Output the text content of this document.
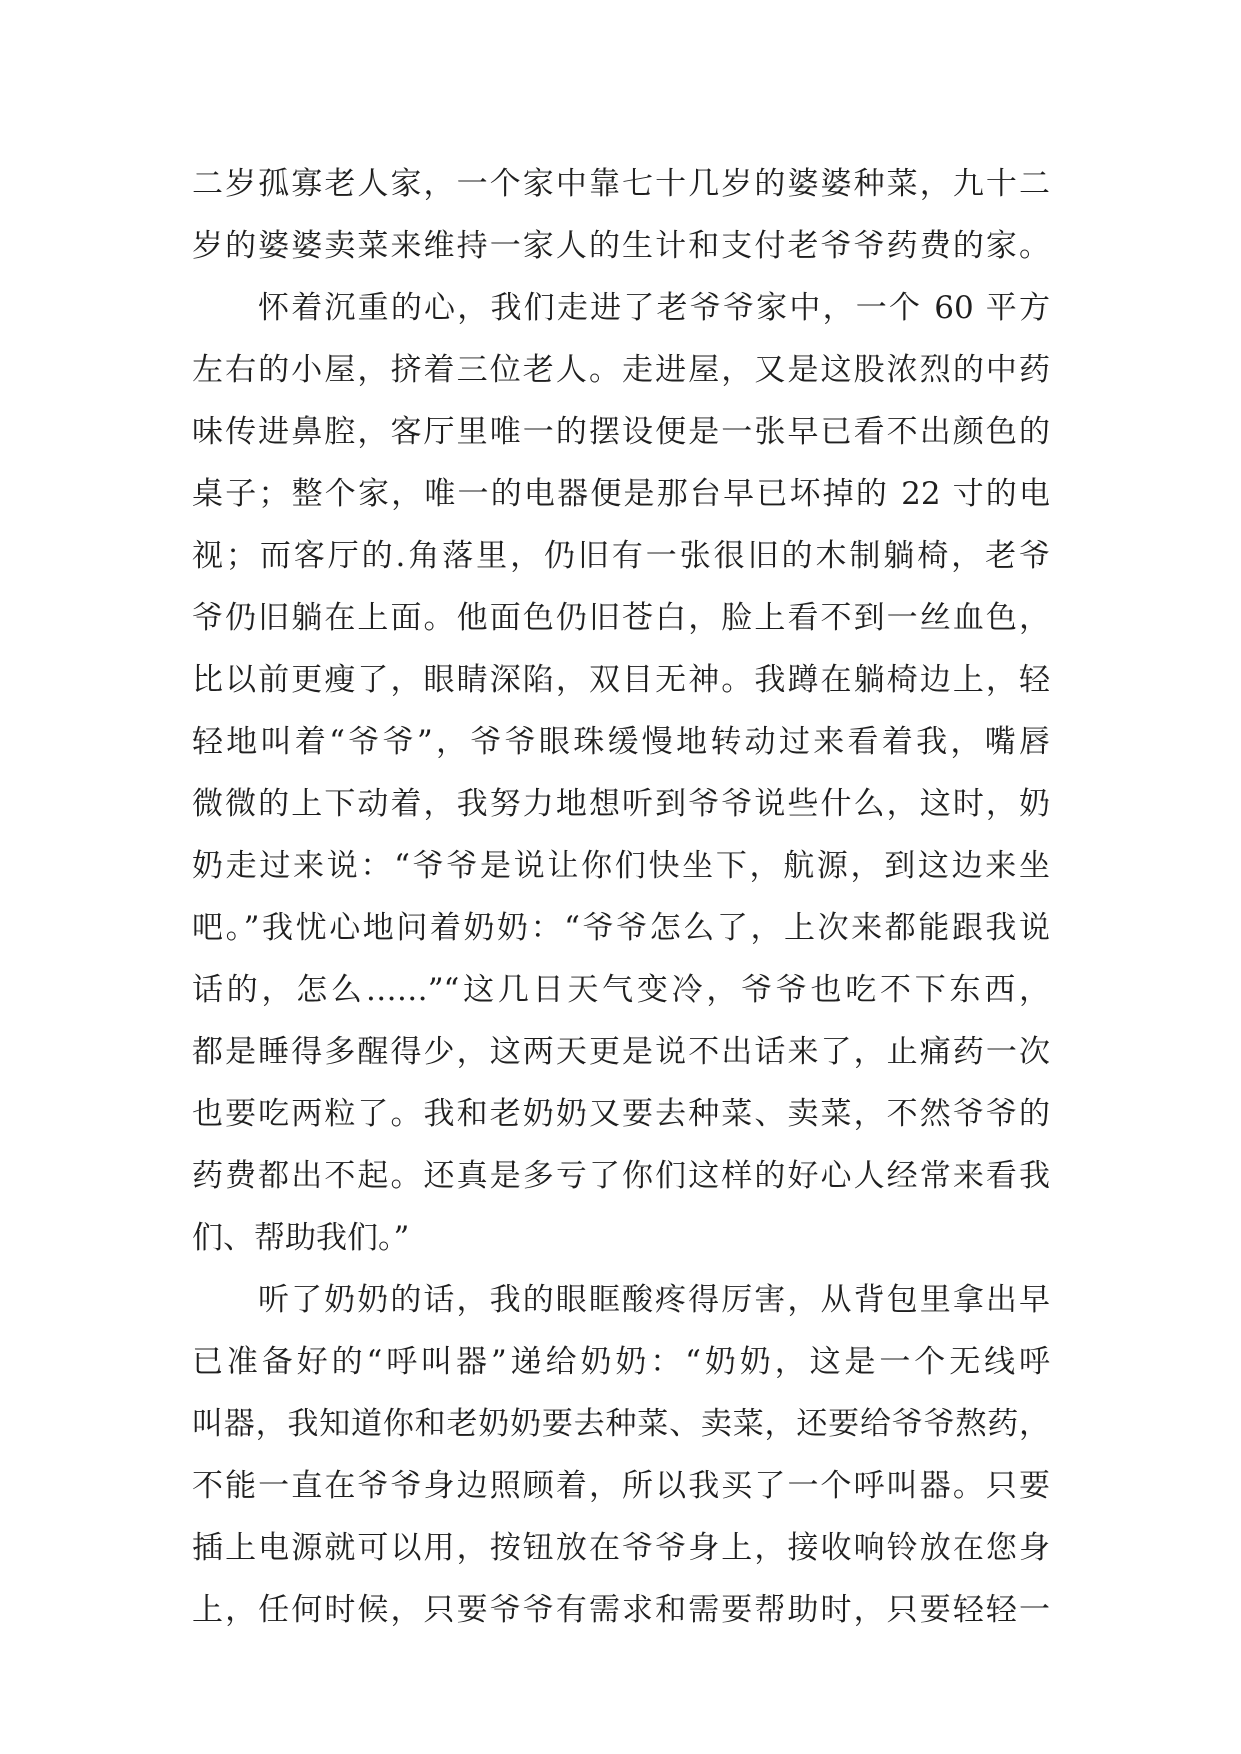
二岁孤寡老人家，一个家中靠七十几岁的婆婆种菜，九十二
岁的婆婆卖菜来维持一家人的生计和支付老爷爷药费的家。
怀着沉重的心，我们走进了老爷爷家中，一个 60 平方
左右的小屋，挤着三位老人。走进屋，又是这股浓烈的中药
味传进鼻腔，客厅里唯一的摆设便是一张早已看不出颜色的
桌子；整个家，唯一的电器便是那台早已坏掉的 22 寸的电
视；而客厅的.角落里，仍旧有一张很旧的木制躺椅，老爷
爷仍旧躺在上面。他面色仍旧苍白，脸上看不到一丝血色，
比以前更瘦了，眼睛深陷，双目无神。我蹲在躺椅边上，轻
轻地叫着“爷爷”，爷爷眼珠缓慢地转动过来看着我，嘴唇
微微的上下动着，我努力地想听到爷爷说些什么，这时，奶
奶走过来说：“爷爷是说让你们快坐下，航源，到这边来坐
吧。”我忧心地问着奶奶：“爷爷怎么了，上次来都能跟我说
话的，怎么……”“这几日天气变冷，爷爷也吃不下东西，
都是睡得多醒得少，这两天更是说不出话来了，止痛药一次
也要吃两粒了。我和老奶奶又要去种菜、卖菜，不然爷爷的
药费都出不起。还真是多亏了你们这样的好心人经常来看我
们、帮助我们。”
听了奶奶的话，我的眼眶酸疼得厉害，从背包里拿出早
已准备好的“呼叫器”递给奶奶：“奶奶，这是一个无线呼
叫器，我知道你和老奶奶要去种菜、卖菜，还要给爷爷熬药，
不能一直在爷爷身边照顾着，所以我买了一个呼叫器。只要
插上电源就可以用，按钮放在爷爷身上，接收响铃放在您身
上，任何时候，只要爷爷有需求和需要帮助时，只要轻轻一
